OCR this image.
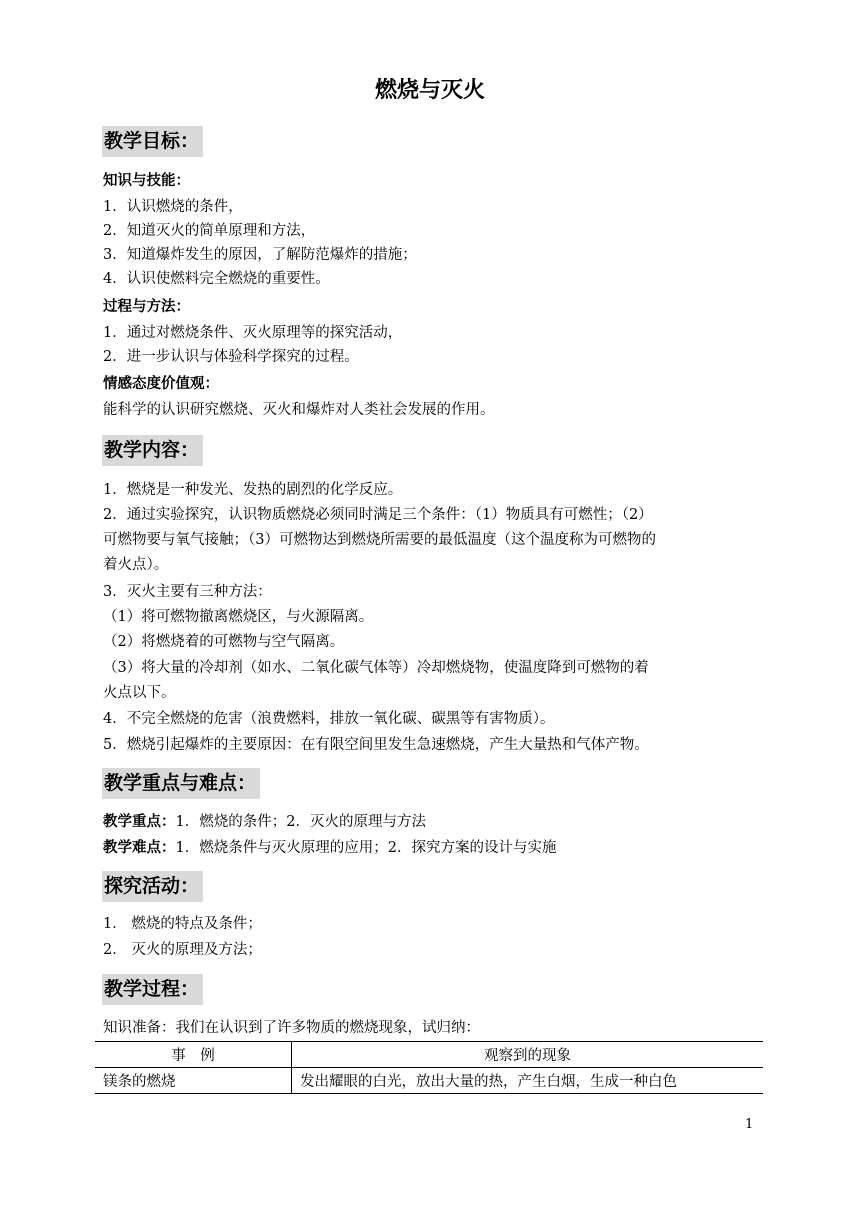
燃烧与灭火
教学目标：
知识与技能：
1．认识燃烧的条件，
2．知道灭火的简单原理和方法，
3．知道爆炸发生的原因，了解防范爆炸的措施；
4．认识使燃料完全燃烧的重要性。
过程与方法：
1．通过对燃烧条件、灭火原理等的探究活动，
2．进一步认识与体验科学探究的过程。
情感态度价值观：
能科学的认识研究燃烧、灭火和爆炸对人类社会发展的作用。
教学内容：
1．燃烧是一种发光、发热的剧烈的化学反应。
2．通过实验探究，认识物质燃烧必须同时满足三个条件：（1）物质具有可燃性；（2）
可燃物要与氧气接触；（3）可燃物达到燃烧所需要的最低温度（这个温度称为可燃物的
着火点）。
3．灭火主要有三种方法：
（1）将可燃物撤离燃烧区，与火源隔离。
（2）将燃烧着的可燃物与空气隔离。
（3）将大量的冷却剂（如水、二氧化碳气体等）冷却燃烧物，使温度降到可燃物的着
火点以下。
4．不完全燃烧的危害（浪费燃料，排放一氧化碳、碳黑等有害物质）。
5．燃烧引起爆炸的主要原因：在有限空间里发生急速燃烧，产生大量热和气体产物。
教学重点与难点：
教学重点：1．燃烧的条件；2．灭火的原理与方法
教学难点：1．燃烧条件与灭火原理的应用；2．探究方案的设计与实施
探究活动：
1． 燃烧的特点及条件；
2． 灭火的原理及方法；
教学过程：
知识准备：我们在认识到了许多物质的燃烧现象，试归纳：
事　例	观察到的现象
镁条的燃烧	发出耀眼的白光，放出大量的热，产生白烟，生成一种白色
1
